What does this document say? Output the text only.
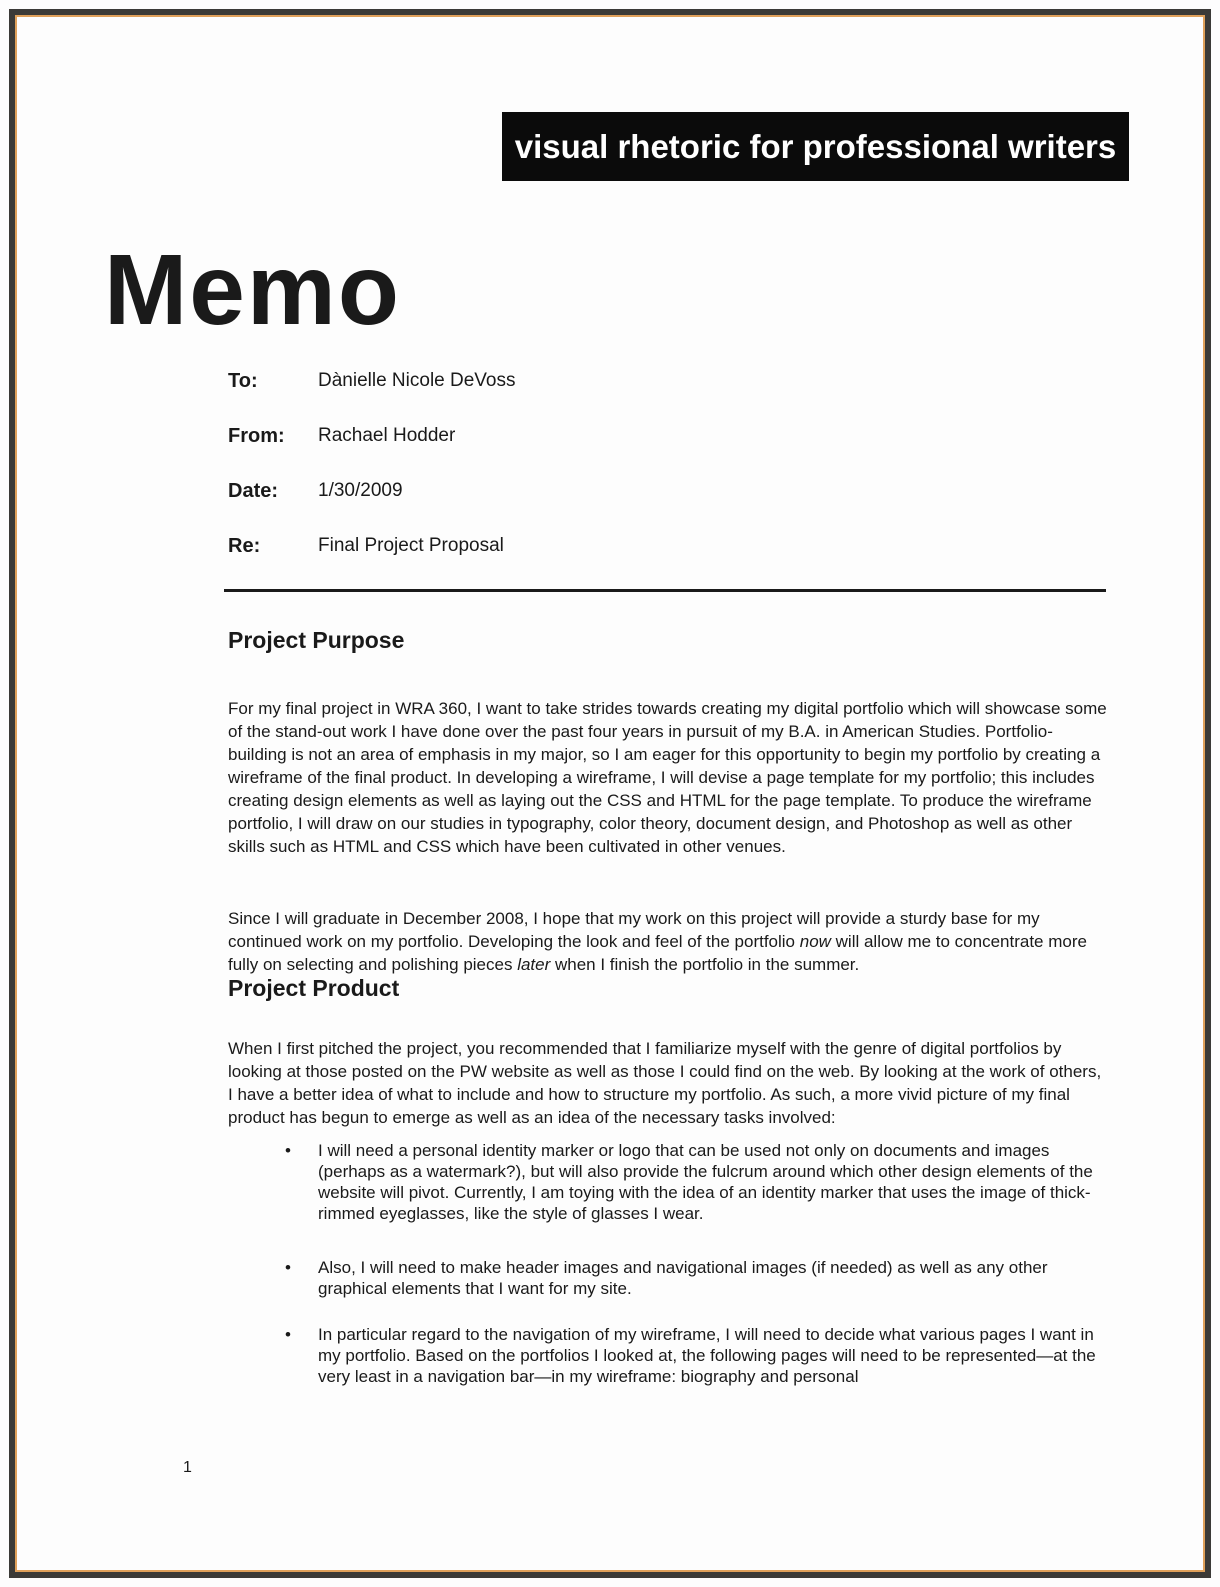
visual rhetoric for professional writers
Memo
To:	Dànielle Nicole DeVoss
From: Rachael Hodder
Date: 1/30/2009
Re:	Final Project Proposal
Project Purpose

For my final project in WRA 360, I want to take strides towards creating my digital portfolio which will showcase some of the stand-out work I have done over the past four years in pursuit of my B.A. in American Studies. Portfolio-building is not an area of emphasis in my major, so I am eager for this opportunity to begin my portfolio by creating a wireframe of the final product. In developing a wireframe, I will devise a page template for my portfolio; this includes creating design elements as well as laying out the CSS and HTML for the page template. To produce the wireframe portfolio, I will draw on our studies in typography, color theory, document design, and Photoshop as well as other skills such as HTML and CSS which have been cultivated in other venues.

Since I will graduate in December 2008, I hope that my work on this project will provide a sturdy base for my continued work on my portfolio. Developing the look and feel of the portfolio now will allow me to concentrate more fully on selecting and polishing pieces later when I finish the portfolio in the summer.

Project Product

When I first pitched the project, you recommended that I familiarize myself with the genre of digital portfolios by looking at those posted on the PW website as well as those I could find on the web. By looking at the work of others, I have a better idea of what to include and how to structure my portfolio. As such, a more vivid picture of my final product has begun to emerge as well as an idea of the necessary tasks involved:

• I will need a personal identity marker or logo that can be used not only on documents and images (perhaps as a watermark?), but will also provide the fulcrum around which other design elements of the website will pivot. Currently, I am toying with the idea of an identity marker that uses the image of thick-rimmed eyeglasses, like the style of glasses I wear.
• Also, I will need to make header images and navigational images (if needed) as well as any other graphical elements that I want for my site.
• In particular regard to the navigation of my wireframe, I will need to decide what various pages I want in my portfolio. Based on the portfolios I looked at, the following pages will need to be represented—at the very least in a navigation bar—in my wireframe: biography and personal
1
